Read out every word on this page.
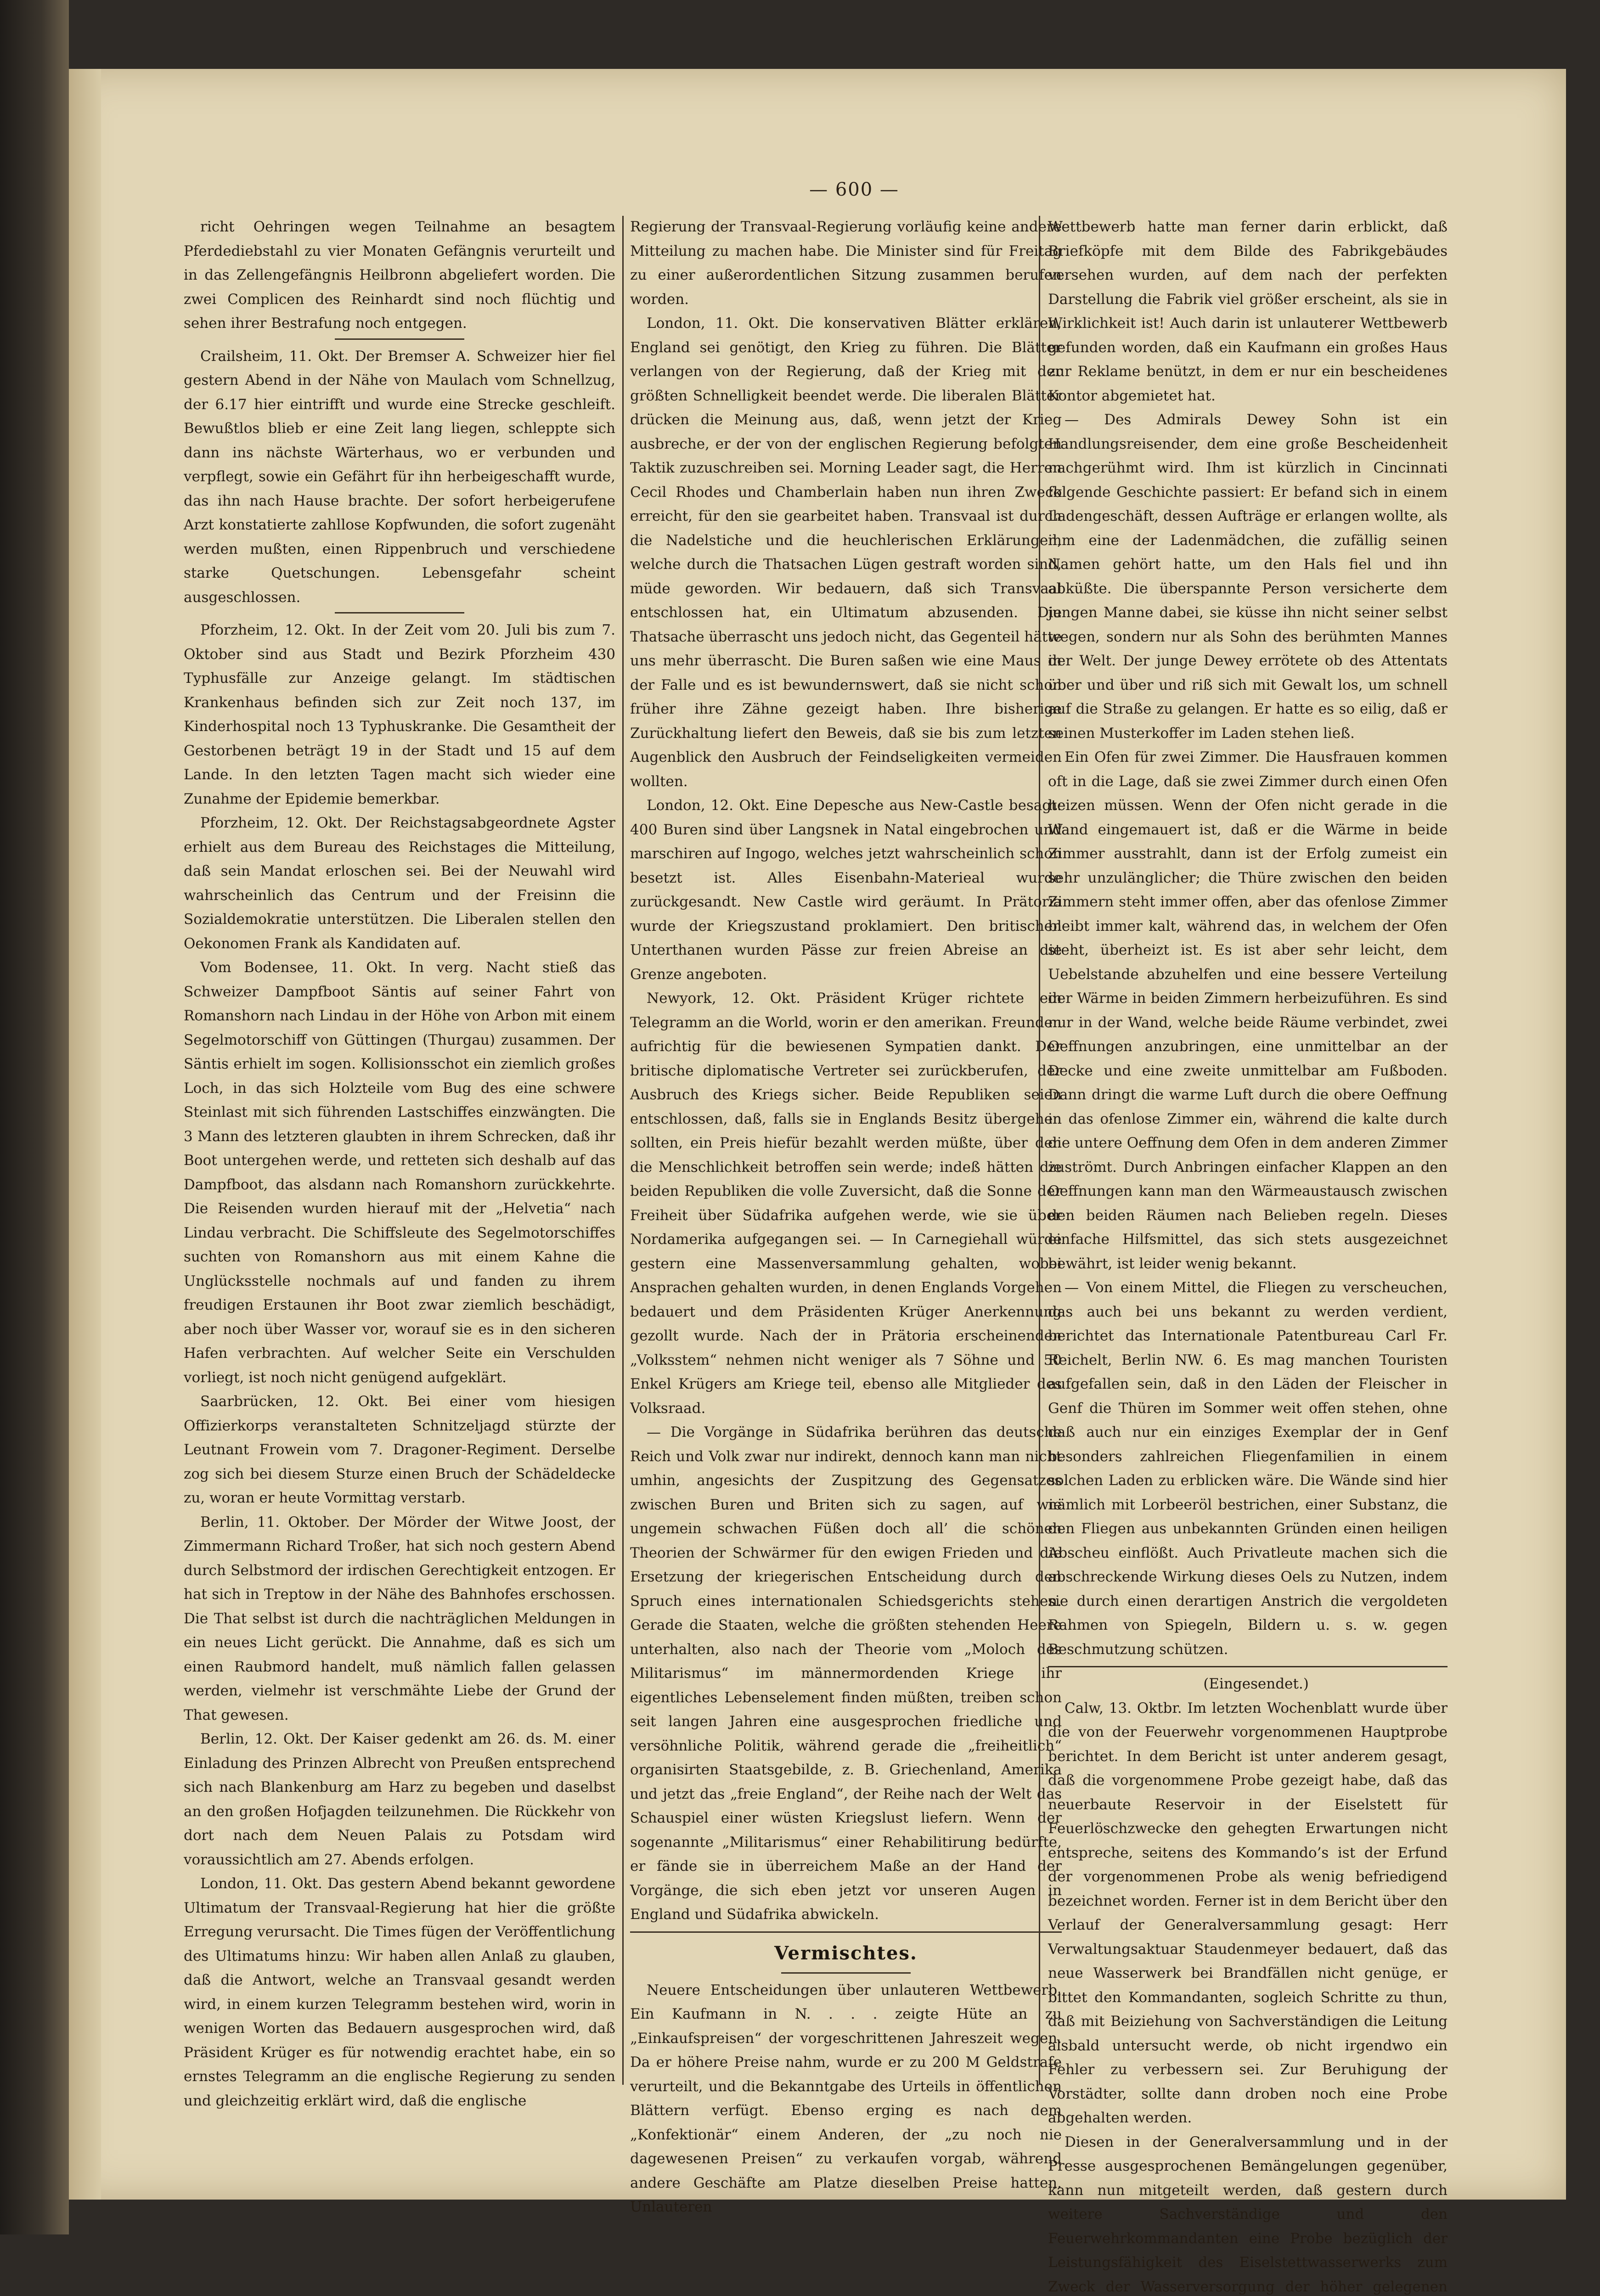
— 600 —

richt Oehringen wegen Teilnahme an besagtem Pferdediebstahl zu vier Monaten Gefängnis verurteilt und in das Zellengefängnis Heilbronn abgeliefert worden. Die zwei Complicen des Reinhardt sind noch flüchtig und sehen ihrer Bestrafung noch entgegen.

Crailsheim, 11. Okt. Der Bremser A. Schweizer hier fiel gestern Abend in der Nähe von Maulach vom Schnellzug, der 6.17 hier eintrifft und wurde eine Strecke geschleift. Bewußtlos blieb er eine Zeit lang liegen, schleppte sich dann ins nächste Wärterhaus, wo er verbunden und verpflegt, sowie ein Gefährt für ihn herbeigeschafft wurde, das ihn nach Hause brachte. Der sofort herbeigerufene Arzt konstatierte zahllose Kopfwunden, die sofort zugenäht werden mußten, einen Rippenbruch und verschiedene starke Quetschungen. Lebensgefahr scheint ausgeschlossen.

Pforzheim, 12. Okt. In der Zeit vom 20. Juli bis zum 7. Oktober sind aus Stadt und Bezirk Pforzheim 430 Typhusfälle zur Anzeige gelangt. Im städtischen Krankenhaus befinden sich zur Zeit noch 137, im Kinderhospital noch 13 Typhuskranke. Die Gesamtheit der Gestorbenen beträgt 19 in der Stadt und 15 auf dem Lande. In den letzten Tagen macht sich wieder eine Zunahme der Epidemie bemerkbar.

Pforzheim, 12. Okt. Der Reichstagsabgeordnete Agster erhielt aus dem Bureau des Reichstages die Mitteilung, daß sein Mandat erloschen sei. Bei der Neuwahl wird wahrscheinlich das Centrum und der Freisinn die Sozialdemokratie unterstützen. Die Liberalen stellen den Oekonomen Frank als Kandidaten auf.

Vom Bodensee, 11. Okt. In verg. Nacht stieß das Schweizer Dampfboot Säntis auf seiner Fahrt von Romanshorn nach Lindau in der Höhe von Arbon mit einem Segelmotorschiff von Güttingen (Thurgau) zusammen. Der Säntis erhielt im sogen. Kollisionsschot ein ziemlich großes Loch, in das sich Holzteile vom Bug des eine schwere Steinlast mit sich führenden Lastschiffes einzwängten. Die 3 Mann des letzteren glaubten in ihrem Schrecken, daß ihr Boot untergehen werde, und retteten sich deshalb auf das Dampfboot, das alsdann nach Romanshorn zurückkehrte. Die Reisenden wurden hierauf mit der „Helvetia“ nach Lindau verbracht. Die Schiffsleute des Segelmotorschiffes suchten von Romanshorn aus mit einem Kahne die Unglücksstelle nochmals auf und fanden zu ihrem freudigen Erstaunen ihr Boot zwar ziemlich beschädigt, aber noch über Wasser vor, worauf sie es in den sicheren Hafen verbrachten. Auf welcher Seite ein Verschulden vorliegt, ist noch nicht genügend aufgeklärt.

Saarbrücken, 12. Okt. Bei einer vom hiesigen Offizierkorps veranstalteten Schnitzeljagd stürzte der Leutnant Frowein vom 7. Dragoner-Regiment. Derselbe zog sich bei diesem Sturze einen Bruch der Schädeldecke zu, woran er heute Vormittag verstarb.

Berlin, 11. Oktober. Der Mörder der Witwe Joost, der Zimmermann Richard Troßer, hat sich noch gestern Abend durch Selbstmord der irdischen Gerechtigkeit entzogen. Er hat sich in Treptow in der Nähe des Bahnhofes erschossen. Die That selbst ist durch die nachträglichen Meldungen in ein neues Licht gerückt. Die Annahme, daß es sich um einen Raubmord handelt, muß nämlich fallen gelassen werden, vielmehr ist verschmähte Liebe der Grund der That gewesen.

Berlin, 12. Okt. Der Kaiser gedenkt am 26. ds. M. einer Einladung des Prinzen Albrecht von Preußen entsprechend sich nach Blankenburg am Harz zu begeben und daselbst an den großen Hofjagden teilzunehmen. Die Rückkehr von dort nach dem Neuen Palais zu Potsdam wird voraussichtlich am 27. Abends erfolgen.

London, 11. Okt. Das gestern Abend bekannt gewordene Ultimatum der Transvaal-Regierung hat hier die größte Erregung verursacht. Die Times fügen der Veröffentlichung des Ultimatums hinzu: Wir haben allen Anlaß zu glauben, daß die Antwort, welche an Transvaal gesandt werden wird, in einem kurzen Telegramm bestehen wird, worin in wenigen Worten das Bedauern ausgesprochen wird, daß Präsident Krüger es für notwendig erachtet habe, ein so ernstes Telegramm an die englische Regierung zu senden und gleichzeitig erklärt wird, daß die englische

Regierung der Transvaal-Regierung vorläufig keine andere Mitteilung zu machen habe. Die Minister sind für Freitag zu einer außerordentlichen Sitzung zusammen berufen worden.

London, 11. Okt. Die konservativen Blätter erklären, England sei genötigt, den Krieg zu führen. Die Blätter verlangen von der Regierung, daß der Krieg mit der größten Schnelligkeit beendet werde. Die liberalen Blätter drücken die Meinung aus, daß, wenn jetzt der Krieg ausbreche, er der von der englischen Regierung befolgten Taktik zuzuschreiben sei. Morning Leader sagt, die Herren Cecil Rhodes und Chamberlain haben nun ihren Zweck erreicht, für den sie gearbeitet haben. Transvaal ist durch die Nadelstiche und die heuchlerischen Erklärungen, welche durch die Thatsachen Lügen gestraft worden sind, müde geworden. Wir bedauern, daß sich Transvaal entschlossen hat, ein Ultimatum abzusenden. Die Thatsache überrascht uns jedoch nicht, das Gegenteil hätte uns mehr überrascht. Die Buren saßen wie eine Maus in der Falle und es ist bewundernswert, daß sie nicht schon früher ihre Zähne gezeigt haben. Ihre bisherige Zurückhaltung liefert den Beweis, daß sie bis zum letzten Augenblick den Ausbruch der Feindseligkeiten vermeiden wollten.

London, 12. Okt. Eine Depesche aus New-Castle besagt: 400 Buren sind über Langsnek in Natal eingebrochen und marschiren auf Ingogo, welches jetzt wahrscheinlich schon besetzt ist. Alles Eisenbahn-Materieal wurde zurückgesandt. New Castle wird geräumt. In Prätoria wurde der Kriegszustand proklamiert. Den britischen Unterthanen wurden Pässe zur freien Abreise an die Grenze angeboten.

Newyork, 12. Okt. Präsident Krüger richtete ein Telegramm an die World, worin er den amerikan. Freunden aufrichtig für die bewiesenen Sympatien dankt. Der britische diplomatische Vertreter sei zurückberufen, der Ausbruch des Kriegs sicher. Beide Republiken seien entschlossen, daß, falls sie in Englands Besitz übergehen sollten, ein Preis hiefür bezahlt werden müßte, über den die Menschlichkeit betroffen sein werde; indeß hätten die beiden Republiken die volle Zuversicht, daß die Sonne der Freiheit über Südafrika aufgehen werde, wie sie über Nordamerika aufgegangen sei. — In Carnegiehall würde gestern eine Massenversammlung gehalten, wobei Ansprachen gehalten wurden, in denen Englands Vorgehen bedauert und dem Präsidenten Krüger Anerkennung gezollt wurde. Nach der in Prätoria erscheinenden „Volksstem“ nehmen nicht weniger als 7 Söhne und 50 Enkel Krügers am Kriege teil, ebenso alle Mitglieder des Volksraad.

— Die Vorgänge in Südafrika berühren das deutsche Reich und Volk zwar nur indirekt, dennoch kann man nicht umhin, angesichts der Zuspitzung des Gegensatzes zwischen Buren und Briten sich zu sagen, auf wie ungemein schwachen Füßen doch all’ die schönen Theorien der Schwärmer für den ewigen Frieden und die Ersetzung der kriegerischen Entscheidung durch den Spruch eines internationalen Schiedsgerichts stehen. Gerade die Staaten, welche die größten stehenden Heere unterhalten, also nach der Theorie vom „Moloch des Militarismus“ im männermordenden Kriege ihr eigentliches Lebenselement finden müßten, treiben schon seit langen Jahren eine ausgesprochen friedliche und versöhnliche Politik, während gerade die „freiheitlich“ organisirten Staatsgebilde, z. B. Griechenland, Amerika und jetzt das „freie England“, der Reihe nach der Welt das Schauspiel einer wüsten Kriegslust liefern. Wenn der sogenannte „Militarismus“ einer Rehabilitirung bedürfte, er fände sie in überreichem Maße an der Hand der Vorgänge, die sich eben jetzt vor unseren Augen in England und Südafrika abwickeln.

Vermischtes.

Neuere Entscheidungen über unlauteren Wettbewerb. Ein Kaufmann in N. . . . zeigte Hüte an zu „Einkaufspreisen“ der vorgeschrittenen Jahreszeit wegen. Da er höhere Preise nahm, wurde er zu 200 M Geldstrafe verurteilt, und die Bekanntgabe des Urteils in öffentlichen Blättern verfügt. Ebenso erging es nach dem „Konfektionär“ einem Anderen, der „zu noch nie dagewesenen Preisen“ zu verkaufen vorgab, während andere Geschäfte am Platze dieselben Preise hatten. Unlauteren

Wettbewerb hatte man ferner darin erblickt, daß Briefköpfe mit dem Bilde des Fabrikgebäudes versehen wurden, auf dem nach der perfekten Darstellung die Fabrik viel größer erscheint, als sie in Wirklichkeit ist! Auch darin ist unlauterer Wettbewerb gefunden worden, daß ein Kaufmann ein großes Haus zur Reklame benützt, in dem er nur ein bescheidenes Kontor abgemietet hat.

— Des Admirals Dewey Sohn ist ein Handlungsreisender, dem eine große Bescheidenheit nachgerühmt wird. Ihm ist kürzlich in Cincinnati folgende Geschichte passiert: Er befand sich in einem Ladengeschäft, dessen Aufträge er erlangen wollte, als ihm eine der Ladenmädchen, die zufällig seinen Namen gehört hatte, um den Hals fiel und ihn abküßte. Die überspannte Person versicherte dem jungen Manne dabei, sie küsse ihn nicht seiner selbst wegen, sondern nur als Sohn des berühmten Mannes der Welt. Der junge Dewey errötete ob des Attentats über und über und riß sich mit Gewalt los, um schnell auf die Straße zu gelangen. Er hatte es so eilig, daß er seinen Musterkoffer im Laden stehen ließ.

Ein Ofen für zwei Zimmer. Die Hausfrauen kommen oft in die Lage, daß sie zwei Zimmer durch einen Ofen heizen müssen. Wenn der Ofen nicht gerade in die Wand eingemauert ist, daß er die Wärme in beide Zimmer ausstrahlt, dann ist der Erfolg zumeist ein sehr unzulänglicher; die Thüre zwischen den beiden Zimmern steht immer offen, aber das ofenlose Zimmer bleibt immer kalt, während das, in welchem der Ofen steht, überheizt ist. Es ist aber sehr leicht, dem Uebelstande abzuhelfen und eine bessere Verteilung der Wärme in beiden Zimmern herbeizuführen. Es sind nur in der Wand, welche beide Räume verbindet, zwei Oeffnungen anzubringen, eine unmittelbar an der Decke und eine zweite unmittelbar am Fußboden. Dann dringt die warme Luft durch die obere Oeffnung in das ofenlose Zimmer ein, während die kalte durch die untere Oeffnung dem Ofen in dem anderen Zimmer zuströmt. Durch Anbringen einfacher Klappen an den Oeffnungen kann man den Wärmeaustausch zwischen den beiden Räumen nach Belieben regeln. Dieses einfache Hilfsmittel, das sich stets ausgezeichnet bewährt, ist leider wenig bekannt.

— Von einem Mittel, die Fliegen zu verscheuchen, das auch bei uns bekannt zu werden verdient, berichtet das Internationale Patentbureau Carl Fr. Reichelt, Berlin NW. 6. Es mag manchen Touristen aufgefallen sein, daß in den Läden der Fleischer in Genf die Thüren im Sommer weit offen stehen, ohne daß auch nur ein einziges Exemplar der in Genf besonders zahlreichen Fliegenfamilien in einem solchen Laden zu erblicken wäre. Die Wände sind hier nämlich mit Lorbeeröl bestrichen, einer Substanz, die den Fliegen aus unbekannten Gründen einen heiligen Abscheu einflößt. Auch Privatleute machen sich die abschreckende Wirkung dieses Oels zu Nutzen, indem sie durch einen derartigen Anstrich die vergoldeten Rahmen von Spiegeln, Bildern u. s. w. gegen Beschmutzung schützen.

(Eingesendet.)

Calw, 13. Oktbr. Im letzten Wochenblatt wurde über die von der Feuerwehr vorgenommenen Hauptprobe berichtet. In dem Bericht ist unter anderem gesagt, daß die vorgenommene Probe gezeigt habe, daß das neuerbaute Reservoir in der Eiselstett für Feuerlöschzwecke den gehegten Erwartungen nicht entspreche, seitens des Kommando’s ist der Erfund der vorgenommenen Probe als wenig befriedigend bezeichnet worden. Ferner ist in dem Bericht über den Verlauf der Generalversammlung gesagt: Herr Verwaltungsaktuar Staudenmeyer bedauert, daß das neue Wasserwerk bei Brandfällen nicht genüge, er bittet den Kommandanten, sogleich Schritte zu thun, daß mit Beiziehung von Sachverständigen die Leitung alsbald untersucht werde, ob nicht irgendwo ein Fehler zu verbessern sei. Zur Beruhigung der Vorstädter, sollte dann droben noch eine Probe abgehalten werden.

Diesen in der Generalversammlung und in der Presse ausgesprochenen Bemängelungen gegenüber, kann nun mitgeteilt werden, daß gestern durch weitere Sachverständige und den Feuerwehrkommandanten eine Probe bezüglich der Leistungsfähigkeit des Eiselstettwasserwerks zum Zweck der Wasserversorgung der höher gelegenen
